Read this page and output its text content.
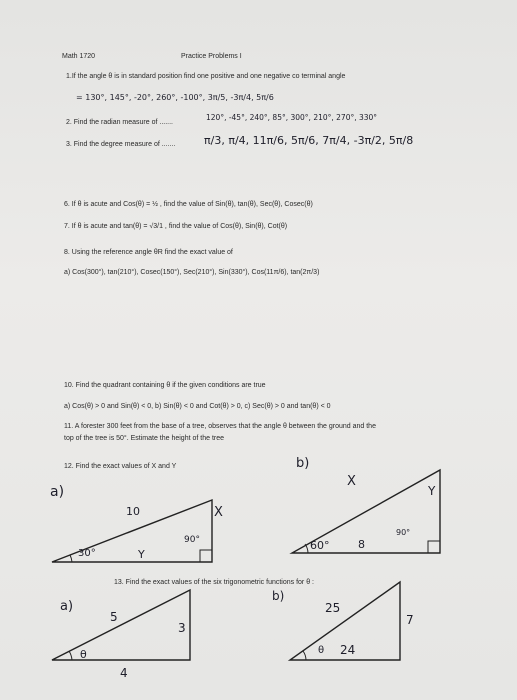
Math 1720	Practice Problems I
1.If the angle θ is in standard position find one positive and one negative co terminal angle
= 130°, 145°, -20°, 260°, -100°, 3π/5, -3π/4, 5π/6
2. Find the radian measure of .......
120°, -45°, 240°, 85°, 300°, 210°, 270°, 330°
3. Find the degree measure of .......	π/3, π/4, 11π/6, 5π/6, 7π/4, -3π/2, 5π/8
6. If θ is acute and Cos(θ) = ½ , find the value of Sin(θ), tan(θ), Sec(θ), Cosec(θ)
7. If θ is acute and tan(θ) = √3/1 , find the value of Cos(θ), Sin(θ), Cot(θ)
8. Using the reference angle θR find the exact value of
a) Cos(300°), tan(210°), Cosec(150°), Sec(210°), Sin(330°), Cos(11π/6), tan(2π/3)
10. Find the quadrant containing θ if the given conditions are true
a) Cos(θ) > 0 and Sin(θ) < 0, b) Sin(θ) < 0 and Cot(θ) > 0, c) Sec(θ) > 0 and tan(θ) < 0
11. A forester 300 feet from the base of a tree, observes that the angle θ between the ground and the
top of the tree is 50°. Estimate the height of the tree
12. Find the exact values of X and Y
a)
10	X
30°	Y
90°
b)
X
Y
60°	8
90°
13. Find the exact values of the six trigonometric functions for θ :
a)
5
3
4
θ
b)
25
7
24
θ
